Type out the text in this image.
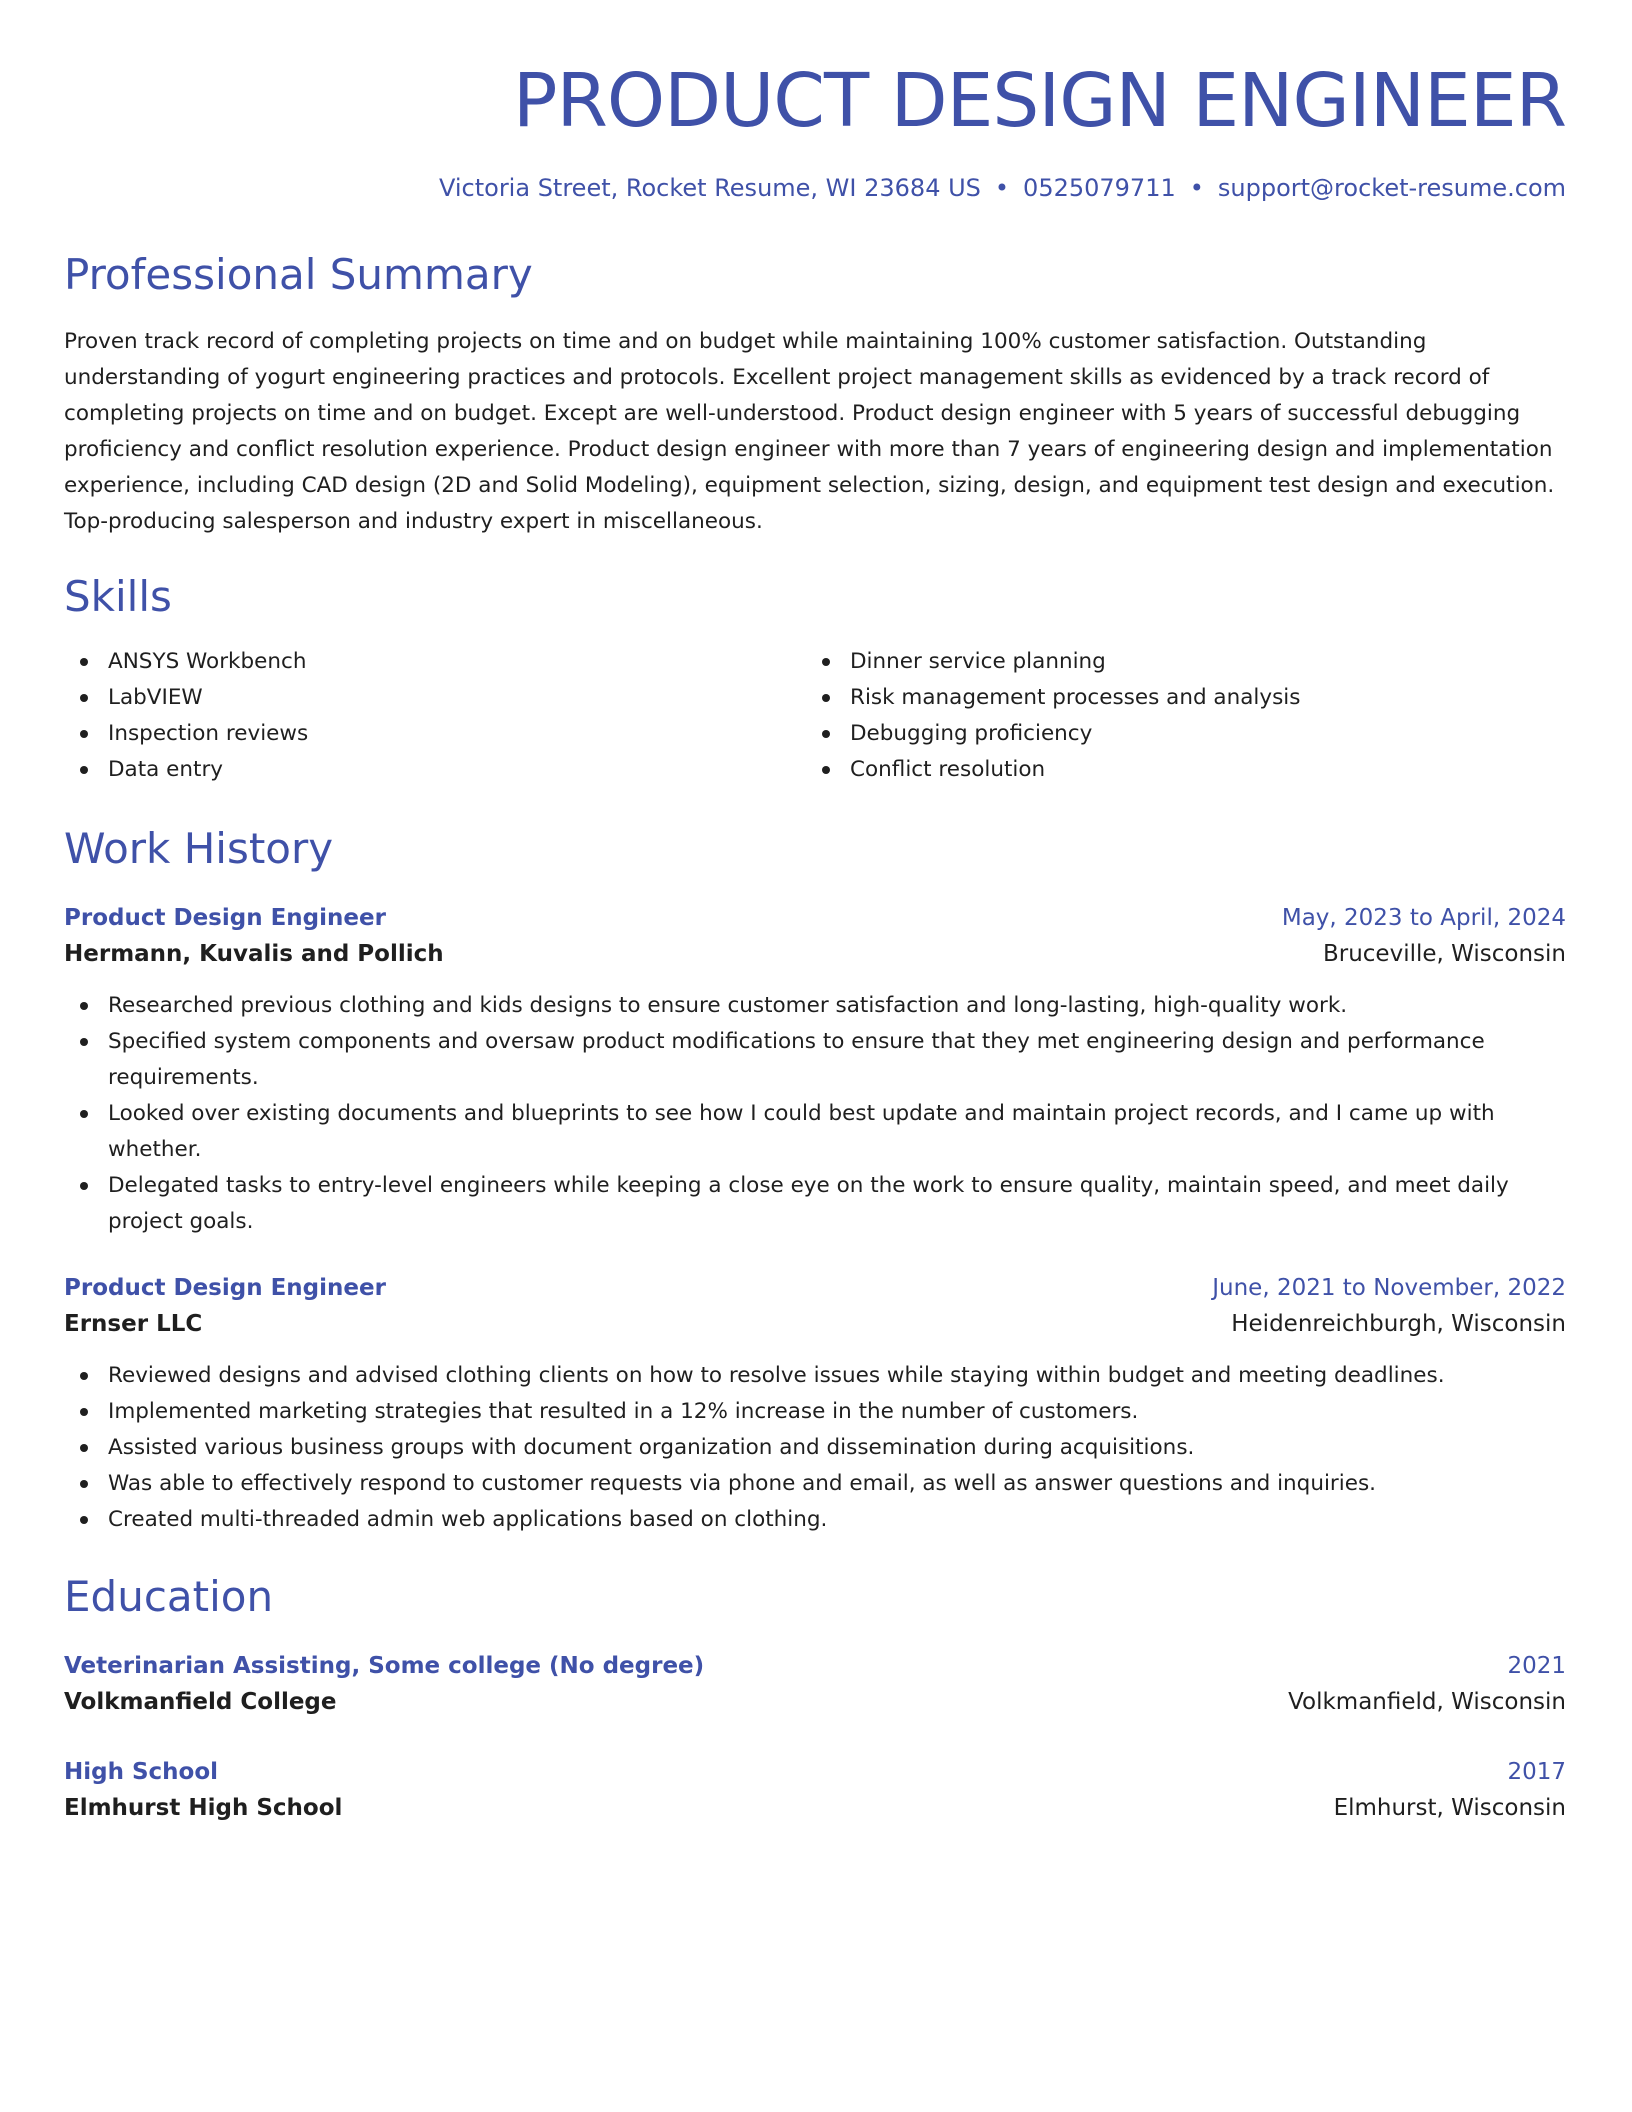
PRODUCT DESIGN ENGINEER
Victoria Street, Rocket Resume, WI 23684 US • 0525079711 • support@rocket-resume.com
Professional Summary

Proven track record of completing projects on time and on budget while maintaining 100% customer satisfaction. Outstanding understanding of yogurt engineering practices and protocols. Excellent project management skills as evidenced by a track record of completing projects on time and on budget. Except are well-understood. Product design engineer with 5 years of successful debugging proficiency and conflict resolution experience. Product design engineer with more than 7 years of engineering design and implementation experience, including CAD design (2D and Solid Modeling), equipment selection, sizing, design, and equipment test design and execution. Top-producing salesperson and industry expert in miscellaneous.

Skills
ANSYS Workbench
LabVIEW
Inspection reviews
Data entry
Dinner service planning
Risk management processes and analysis
Debugging proficiency
Conflict resolution
Work History
Product Design Engineer	May, 2023 to April, 2024
Hermann, Kuvalis and Pollich	Bruceville, Wisconsin
Researched previous clothing and kids designs to ensure customer satisfaction and long-lasting, high-quality work.
Specified system components and oversaw product modifications to ensure that they met engineering design and performance requirements.
Looked over existing documents and blueprints to see how I could best update and maintain project records, and I came up with whether.
Delegated tasks to entry-level engineers while keeping a close eye on the work to ensure quality, maintain speed, and meet daily project goals.
Product Design Engineer	June, 2021 to November, 2022
Ernser LLC	Heidenreichburgh, Wisconsin
Reviewed designs and advised clothing clients on how to resolve issues while staying within budget and meeting deadlines.
Implemented marketing strategies that resulted in a 12% increase in the number of customers.
Assisted various business groups with document organization and dissemination during acquisitions.
Was able to effectively respond to customer requests via phone and email, as well as answer questions and inquiries.
Created multi-threaded admin web applications based on clothing.
Education
Veterinarian Assisting, Some college (No degree)	2021
Volkmanfield College	Volkmanfield, Wisconsin
High School	2017
Elmhurst High School	Elmhurst, Wisconsin
